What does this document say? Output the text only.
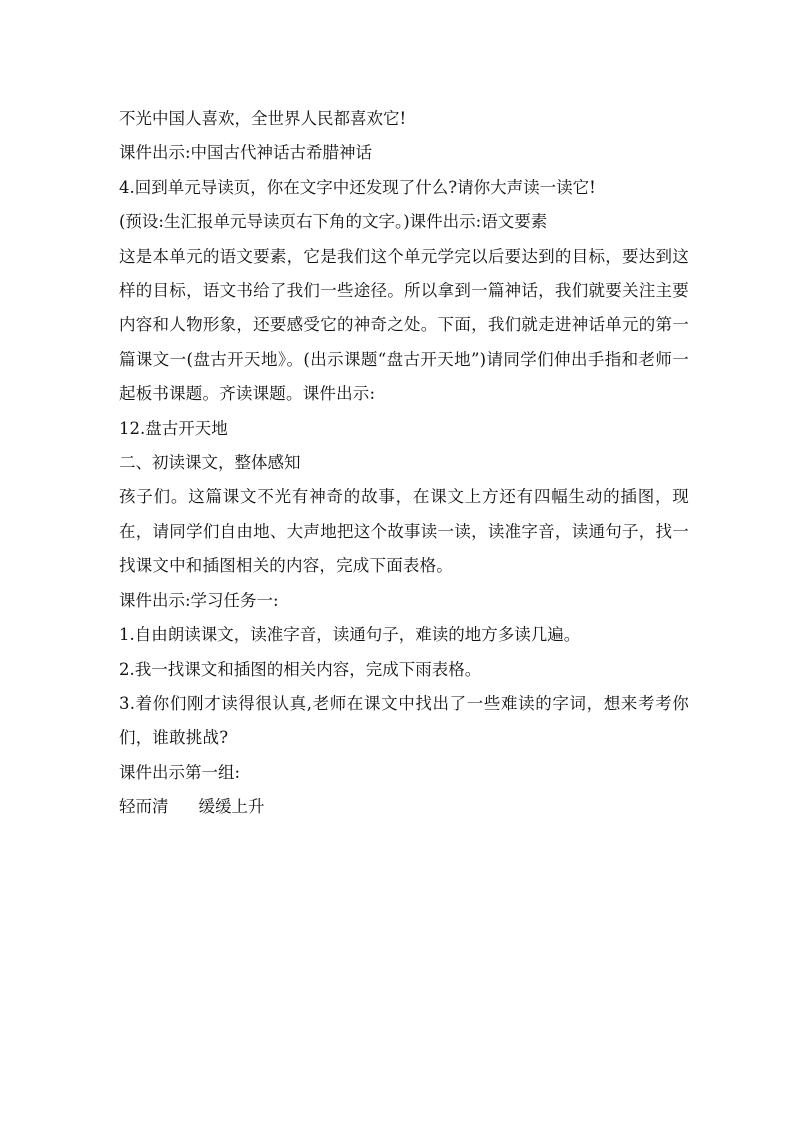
不光中国人喜欢，全世界人民都喜欢它!

课件出示:中国古代神话古希腊神话

4.回到单元导读页，你在文字中还发现了什么?请你大声读一读它!

(预设:生汇报单元导读页右下角的文字。)课件出示:语文要素

这是本单元的语文要素，它是我们这个单元学完以后要达到的目标，要达到这样的目标，语文书给了我们一些途径。所以拿到一篇神话，我们就要关注主要内容和人物形象，还要感受它的神奇之处。下面，我们就走进神话单元的第一篇课文一(盘古开天地》。(出示课题“盘古开天地”)请同学们伸出手指和老师一起板书课题。齐读课题。课件出示:

12.盘古开天地

二、初读课文，整体感知

孩子们。这篇课文不光有神奇的故事，在课文上方还有四幅生动的插图，现在，请同学们自由地、大声地把这个故事读一读，读准字音，读通句子，找一找课文中和插图相关的内容，完成下面表格。

课件出示:学习任务一:

1.自由朗读课文，读准字音，读通句子，难读的地方多读几遍。

2.我一找课文和插图的相关内容，完成下雨表格。

3.着你们刚才读得很认真,老师在课文中找出了一些难读的字词，想来考考你们，谁敢挑战?

课件出示第一组:

轻而清 缓缓上升
